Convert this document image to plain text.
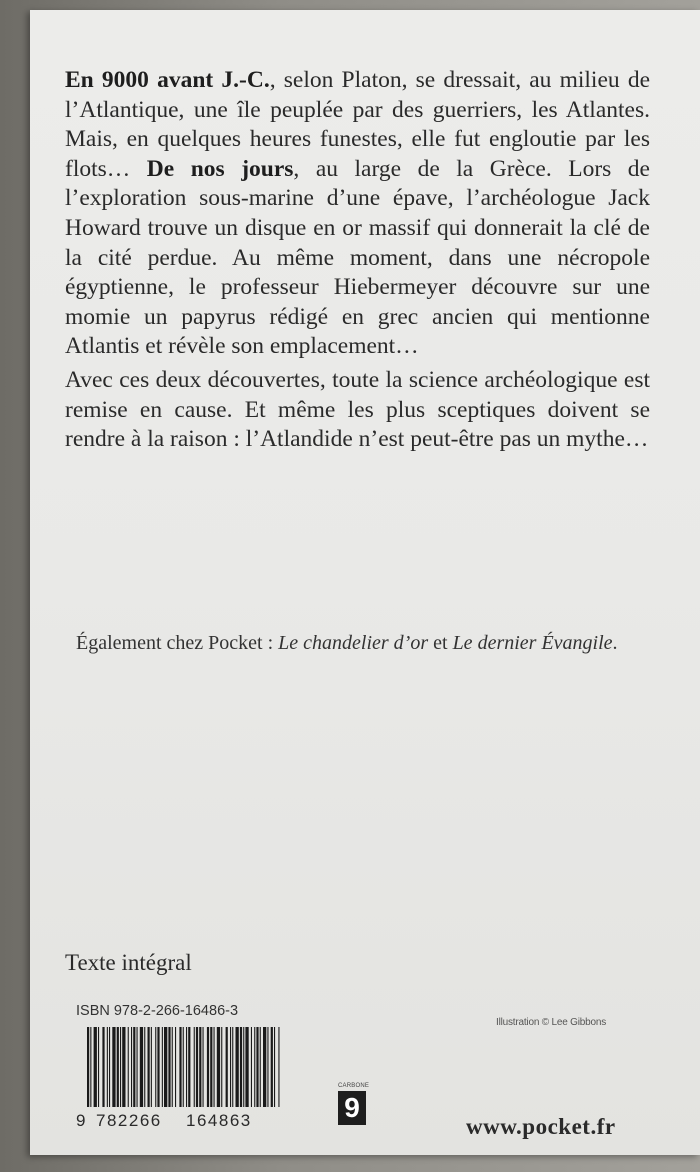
En 9000 avant J.-C., selon Platon, se dressait, au milieu de l’Atlantique, une île peuplée par des guerriers, les Atlantes. Mais, en quelques heures funestes, elle fut engloutie par les flots… De nos jours, au large de la Grèce. Lors de l’exploration sous-marine d’une épave, l’archéologue Jack Howard trouve un disque en or massif qui donnerait la clé de la cité perdue. Au même moment, dans une nécropole égyptienne, le professeur Hiebermeyer découvre sur une momie un papyrus rédigé en grec ancien qui mentionne Atlantis et révèle son emplacement…

Avec ces deux découvertes, toute la science archéologique est remise en cause. Et même les plus sceptiques doivent se rendre à la raison : l’Atlandide n’est peut-être pas un mythe…

Également chez Pocket : Le chandelier d’or et Le dernier Évangile.
Texte intégral
ISBN 978-2-266-16486-3
Illustration © Lee Gibbons
9 782266 164863
CARBONE
9
www.pocket.fr
